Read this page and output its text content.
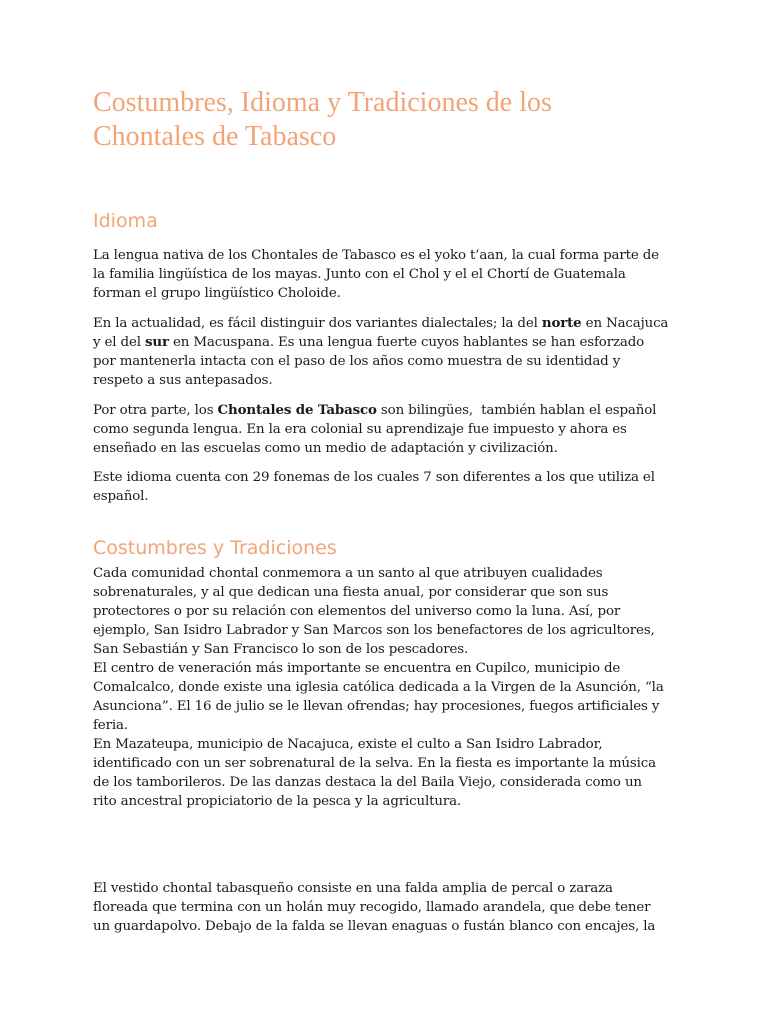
Costumbres, Idioma y Tradiciones de los
Chontales de Tabasco
Idioma

La lengua nativa de los Chontales de Tabasco es el yoko t’aan, la cual forma parte de
la familia lingüística de los mayas. Junto con el Chol y el el Chortí de Guatemala
forman el grupo lingüístico Choloide.

En la actualidad, es fácil distinguir dos variantes dialectales; la del norte en Nacajuca
y el del sur en Macuspana. Es una lengua fuerte cuyos hablantes se han esforzado
por mantenerla intacta con el paso de los años como muestra de su identidad y
respeto a sus antepasados.

Por otra parte, los Chontales de Tabasco son bilingües,  también hablan el español
como segunda lengua. En la era colonial su aprendizaje fue impuesto y ahora es
enseñado en las escuelas como un medio de adaptación y civilización.

Este idioma cuenta con 29 fonemas de los cuales 7 son diferentes a los que utiliza el
español.

Costumbres y Tradiciones

Cada comunidad chontal conmemora a un santo al que atribuyen cualidades
sobrenaturales, y al que dedican una fiesta anual, por considerar que son sus
protectores o por su relación con elementos del universo como la luna. Así, por
ejemplo, San Isidro Labrador y San Marcos son los benefactores de los agricultores,
San Sebastián y San Francisco lo son de los pescadores.
El centro de veneración más importante se encuentra en Cupilco, municipio de
Comalcalco, donde existe una iglesia católica dedicada a la Virgen de la Asunción, “la
Asunciona”. El 16 de julio se le llevan ofrendas; hay procesiones, fuegos artificiales y
feria.
En Mazateupa, municipio de Nacajuca, existe el culto a San Isidro Labrador,
identificado con un ser sobrenatural de la selva. En la fiesta es importante la música
de los tamborileros. De las danzas destaca la del Baila Viejo, considerada como un
rito ancestral propiciatorio de la pesca y la agricultura.

El vestido chontal tabasqueño consiste en una falda amplia de percal o zaraza
floreada que termina con un holán muy recogido, llamado arandela, que debe tener
un guardapolvo. Debajo de la falda se llevan enaguas o fustán blanco con encajes, la
